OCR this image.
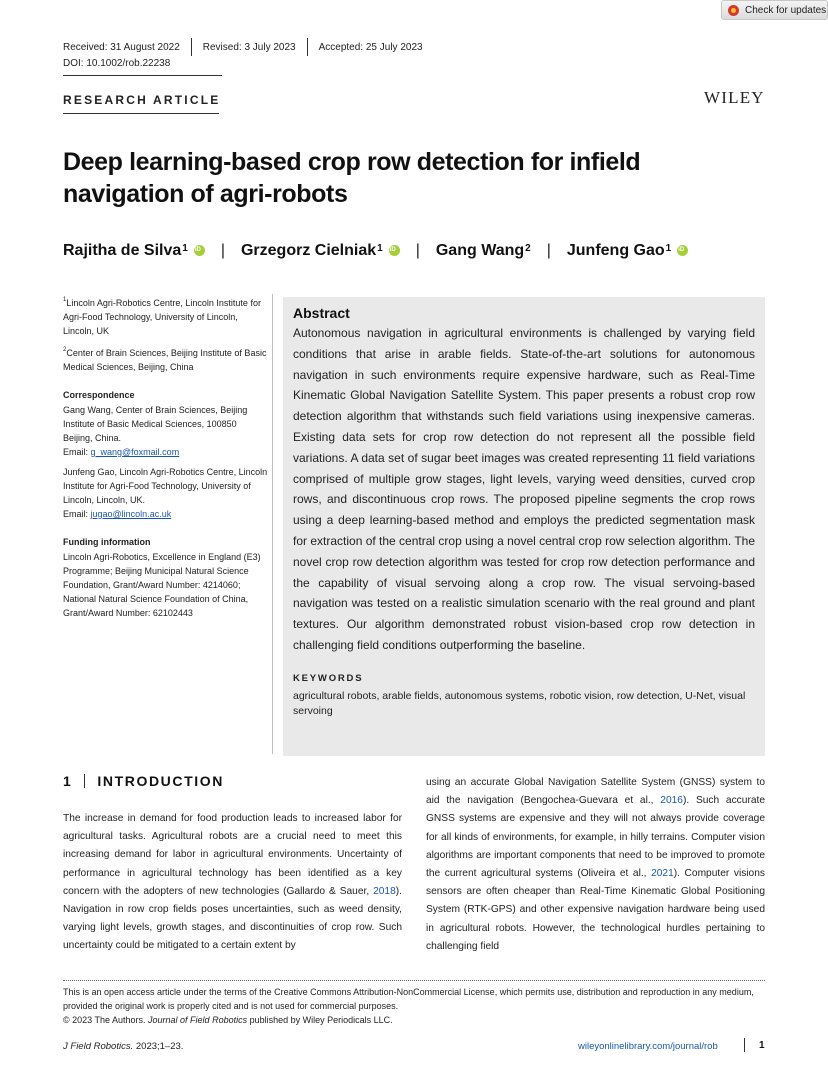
Check for updates
Received: 31 August 2022	Revised: 3 July 2023	Accepted: 25 July 2023
DOI: 10.1002/rob.22238
RESEARCH ARTICLE	WILEY
Deep learning-based crop row detection for infield navigation of agri-robots
Rajitha de Silva$^1$ iD | Grzegorz Cielniak$^1$ iD | Gang Wang$^2$ | Junfeng Gao$^1$
iD

$^1$Lincoln Agri-Robotics Centre, Lincoln Institute for Agri-Food Technology, University of Lincoln, Lincoln, UK

$^2$Center of Brain Sciences, Beijing Institute of Basic Medical Sciences, Beijing, China

Correspondence

Gang Wang, Center of Brain Sciences, Beijing Institute of Basic Medical Sciences, 100850 Beijing, China.
Email: g_wang@foxmail.com

Junfeng Gao, Lincoln Agri-Robotics Centre, Lincoln Institute for Agri-Food Technology, University of Lincoln, Lincoln, UK.
Email: jugao@lincoln.ac.uk

Funding information

Lincoln Agri-Robotics, Excellence in England (E3) Programme; Beijing Municipal Natural Science Foundation, Grant/Award Number: 4214060; National Natural Science Foundation of China, Grant/Award Number: 62102443

Abstract

Autonomous navigation in agricultural environments is challenged by varying field conditions that arise in arable fields. State-of-the-art solutions for autonomous navigation in such environments require expensive hardware, such as Real-Time Kinematic Global Navigation Satellite System. This paper presents a robust crop row detection algorithm that withstands such field variations using inexpensive cameras. Existing data sets for crop row detection do not represent all the possible field variations. A data set of sugar beet images was created representing 11 field variations comprised of multiple grow stages, light levels, varying weed densities, curved crop rows, and discontinuous crop rows. The proposed pipeline segments the crop rows using a deep learning-based method and employs the predicted segmentation mask for extraction of the central crop using a novel central crop row selection algorithm. The novel crop row detection algorithm was tested for crop row detection performance and the capability of visual servoing along a crop row. The visual servoing-based navigation was tested on a realistic simulation scenario with the real ground and plant textures. Our algorithm demonstrated robust vision-based crop row detection in challenging field conditions outperforming the baseline.

KEYWORDS
agricultural robots, arable fields, autonomous systems, robotic vision, row detection, U-Net, visual servoing
1 INTRODUCTION

The increase in demand for food production leads to increased labor for agricultural tasks. Agricultural robots are a crucial need to meet this increasing demand for labor in agricultural environments. Uncertainty of performance in agricultural technology has been identified as a key concern with the adopters of new technologies (Gallardo & Sauer, 2018). Navigation in row crop fields poses uncertainties, such as weed density, varying light levels, growth stages, and discontinuities of crop row. Such uncertainty could be mitigated to a certain extent by

using an accurate Global Navigation Satellite System (GNSS) system to aid the navigation (Bengochea-Guevara et al., 2016). Such accurate GNSS systems are expensive and they will not always provide coverage for all kinds of environments, for example, in hilly terrains. Computer vision algorithms are important components that need to be improved to promote the current agricultural systems (Oliveira et al., 2021). Computer visions sensors are often cheaper than Real-Time Kinematic Global Positioning System (RTK-GPS) and other expensive navigation hardware being used in agricultural robots. However, the technological hurdles pertaining to challenging field

This is an open access article under the terms of the Creative Commons Attribution-NonCommercial License, which permits use, distribution and reproduction in any medium, provided the original work is properly cited and is not used for commercial purposes.
© 2023 The Authors. Journal of Field Robotics published by Wiley Periodicals LLC.
J Field Robotics. 2023;1–23.	wileyonlinelibrary.com/journal/rob	1
